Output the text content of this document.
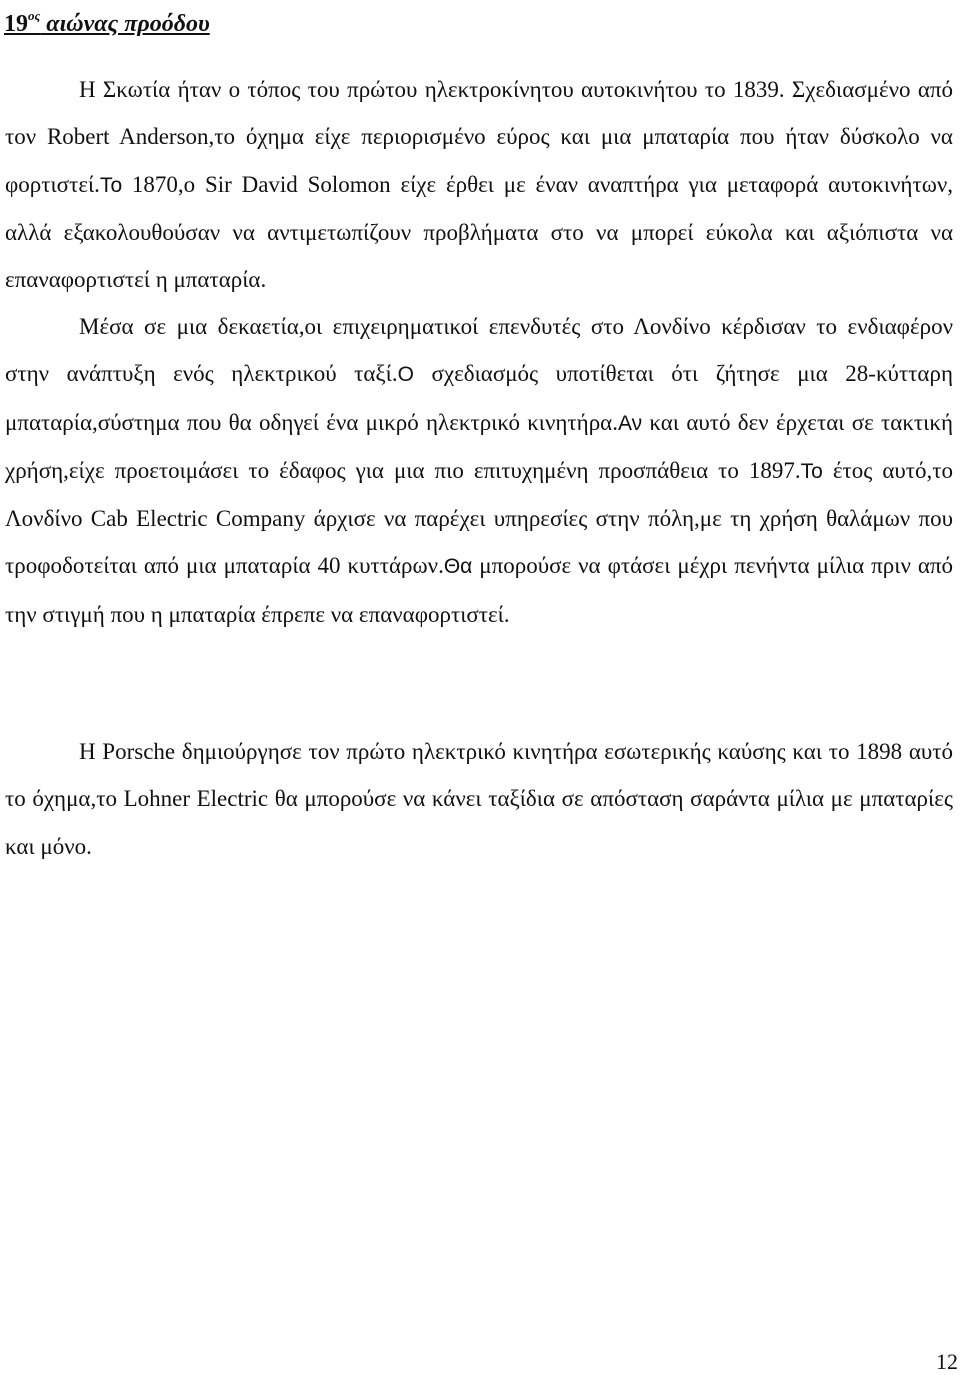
$19^{o\varsigma}$ αιώνας προόδου

Η Σκωτία ήταν ο τόπος του πρώτου ηλεκτροκίνητου αυτοκινήτου το 1839. Σχεδιασμένο από τον Robert Anderson,το όχημα είχε περιορισμένο εύρος και μια μπαταρία που ήταν δύσκολο να φορτιστεί.Το 1870,ο Sir David Solomon είχε έρθει με έναν αναπτήρα για μεταφορά αυτοκινήτων, αλλά εξακολουθούσαν να αντιμετωπίζουν προβλήματα στο να μπορεί εύκολα και αξιόπιστα να επαναφορτιστεί η μπαταρία.

Μέσα σε μια δεκαετία,οι επιχειρηματικοί επενδυτές στο Λονδίνο κέρδισαν το ενδιαφέρον στην ανάπτυξη ενός ηλεκτρικού ταξί.Ο σχεδιασμός υποτίθεται ότι ζήτησε μια 28-κύτταρη μπαταρία,σύστημα που θα οδηγεί ένα μικρό ηλεκτρικό κινητήρα.Αν και αυτό δεν έρχεται σε τακτική χρήση,είχε προετοιμάσει το έδαφος για μια πιο επιτυχημένη προσπάθεια το 1897.Το έτος αυτό,το Λονδίνο Cab Electric Company άρχισε να παρέχει υπηρεσίες στην πόλη,με τη χρήση θαλάμων που τροφοδοτείται από μια μπαταρία 40 κυττάρων.Θα μπορούσε να φτάσει μέχρι πενήντα μίλια πριν από την στιγμή που η μπαταρία έπρεπε να επαναφορτιστεί.

Η Porsche δημιούργησε τον πρώτο ηλεκτρικό κινητήρα εσωτερικής καύσης και το 1898 αυτό το όχημα,το Lohner Electric θα μπορούσε να κάνει ταξίδια σε απόσταση σαράντα μίλια με μπαταρίες και μόνο.

12
